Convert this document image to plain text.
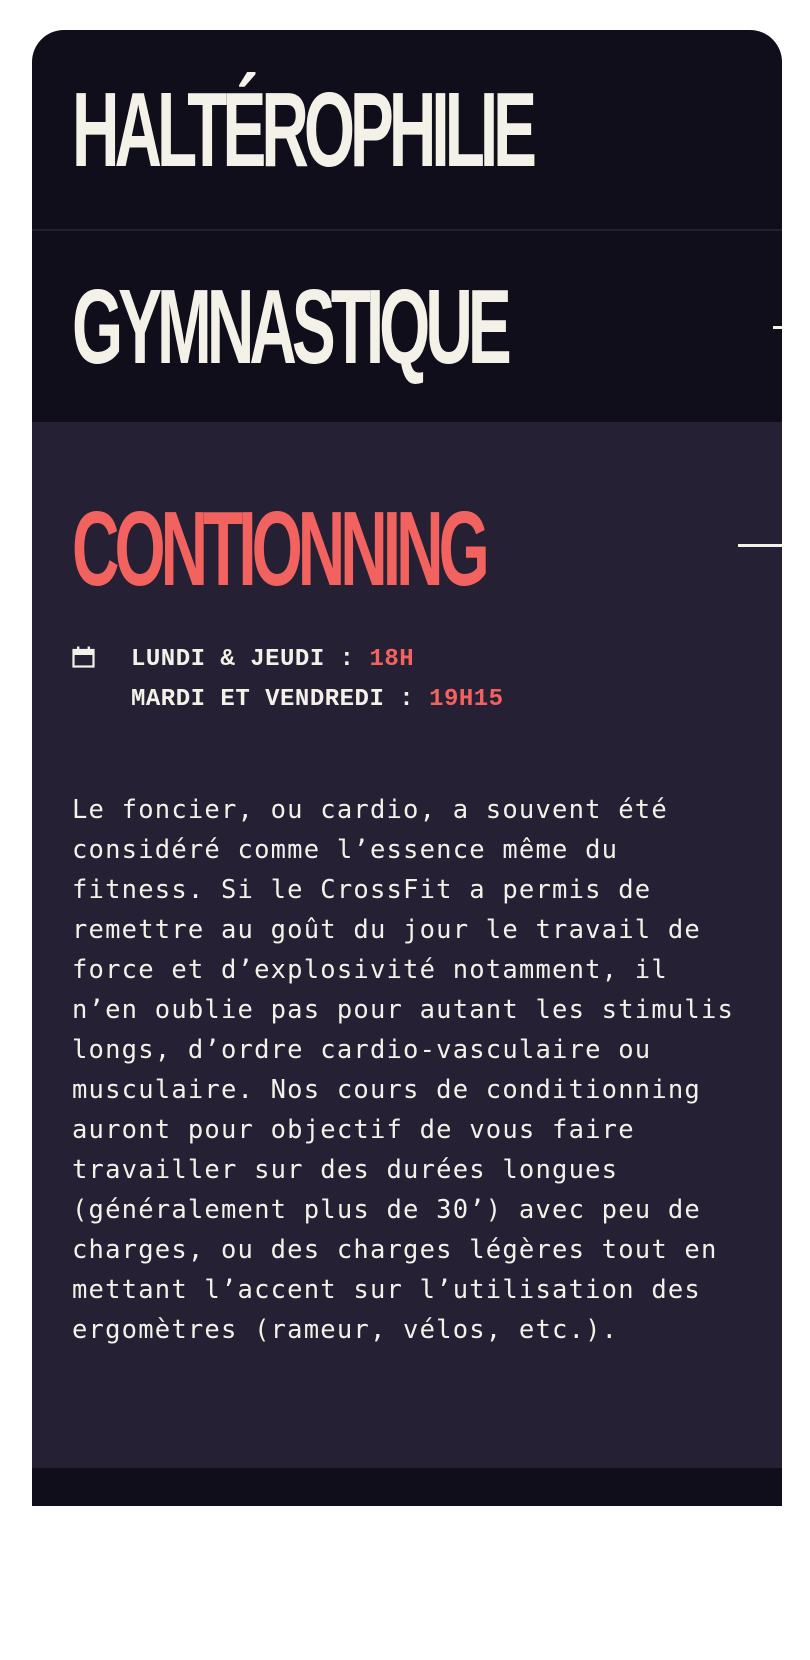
HALTÉROPHILIE
GYMNASTIQUE
CONTIONNING
LUNDI & JEUDI : 18H
MARDI ET VENDREDI : 19H15

Le foncier, ou cardio, a souvent été considéré comme l’essence même du fitness. Si le CrossFit a permis de remettre au goût du jour le travail de force et d’explosivité notamment, il n’en oublie pas pour autant les stimulis longs, d’ordre cardio-vasculaire ou musculaire. Nos cours de conditionning auront pour objectif de vous faire travailler sur des durées longues (généralement plus de 30’) avec peu de charges, ou des charges légères tout en mettant l’accent sur l’utilisation des ergomètres (rameur, vélos, etc.).
